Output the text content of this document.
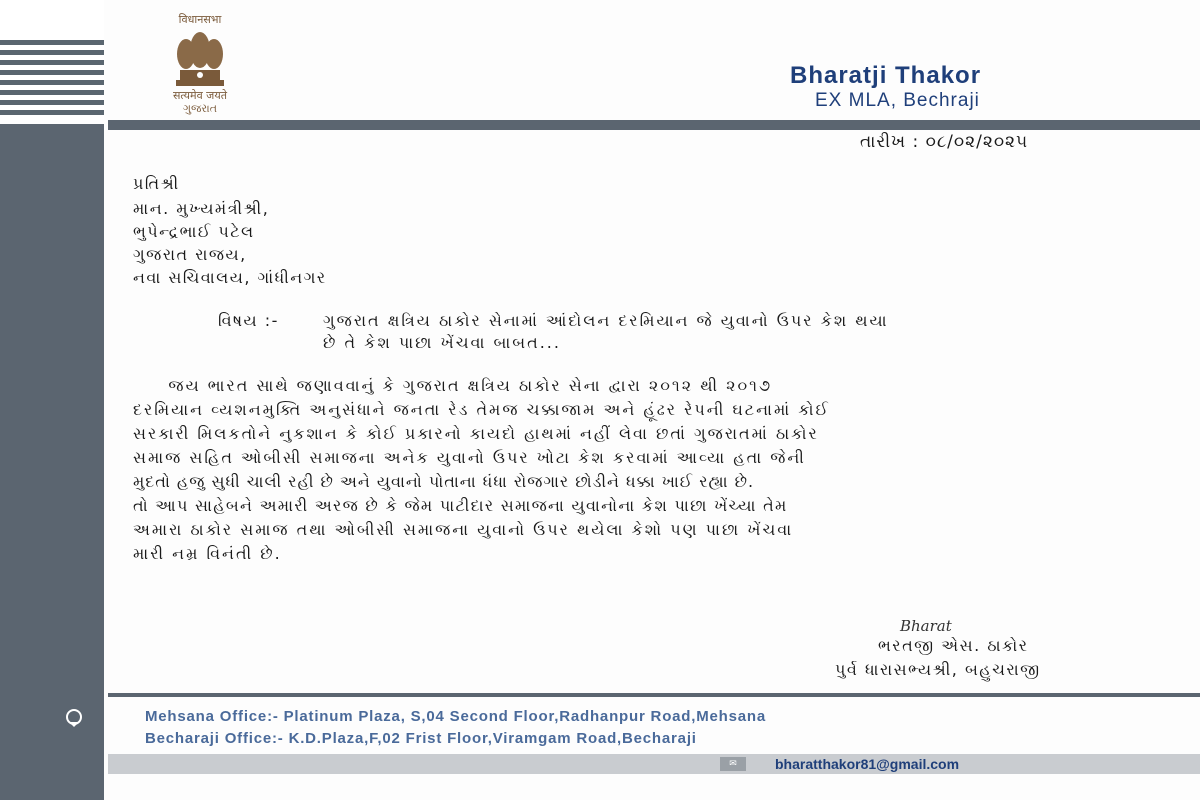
विधानसभा
सत्यमेव जयते
ગુજરાત
Bharatji Thakor
EX MLA, Bechraji
તારીખ : ૦૮/૦૨/૨૦૨૫
પ્રતિશ્રી
માન. મુખ્યમંત્રીશ્રી,
ભુપેન્દ્રભાઈ પટેલ
ગુજરાત રાજય,
નવા સચિવાલય, ગાંધીનગર
વિષય :-	ગુજરાત ક્ષત્રિય ઠાકોર સેનામાં આંદોલન દરમિયાન જે યુવાનો ઉપર કેશ થયા
છે તે કેશ પાછા ખેંચવા બાબત...
જય ભારત સાથે જણાવવાનું કે ગુજરાત ક્ષત્રિય ઠાકોર સેના દ્વારા ૨૦૧૨ થી ૨૦૧૭
દરમિયાન વ્યશનમુક્તિ અનુસંધાને જનતા રેડ તેમજ ચક્કાજામ અને હૂંઢર રેપની ઘટનામાં કોઈ
સરકારી મિલકતોને નુકશાન કે કોઈ પ્રકારનો કાયદો હાથમાં નહીં લેવા છતાં ગુજરાતમાં ઠાકોર
સમાજ સહિત ઓબીસી સમાજના અનેક યુવાનો ઉપર ખોટા કેશ કરવામાં આવ્યા હતા જેની
મુદતો હજુ સુધી ચાલી રહી છે અને યુવાનો પોતાના ધંધા રોજગાર છોડીને ધક્કા ખાઈ રહ્યા છે.
તો આપ સાહેબને અમારી અરજ છે કે જેમ પાટીદાર સમાજના યુવાનોના કેશ પાછા ખેંચ્યા તેમ
અમારા ઠાકોર સમાજ તથા ઓબીસી સમાજના યુવાનો ઉપર થયેલા કેશો પણ પાછા ખેંચવા
મારી નમ્ર વિનંતી છે.
Bharat
ભરતજી એસ. ઠાકોર
પુર્વ ધારાસભ્યશ્રી, બહુચરાજી
Mehsana Office:- Platinum Plaza, S,04 Second Floor,Radhanpur Road,Mehsana
Becharaji Office:- K.D.Plaza,F,02 Frist Floor,Viramgam Road,Becharaji
✉	bharatthakor81@gmail.com
